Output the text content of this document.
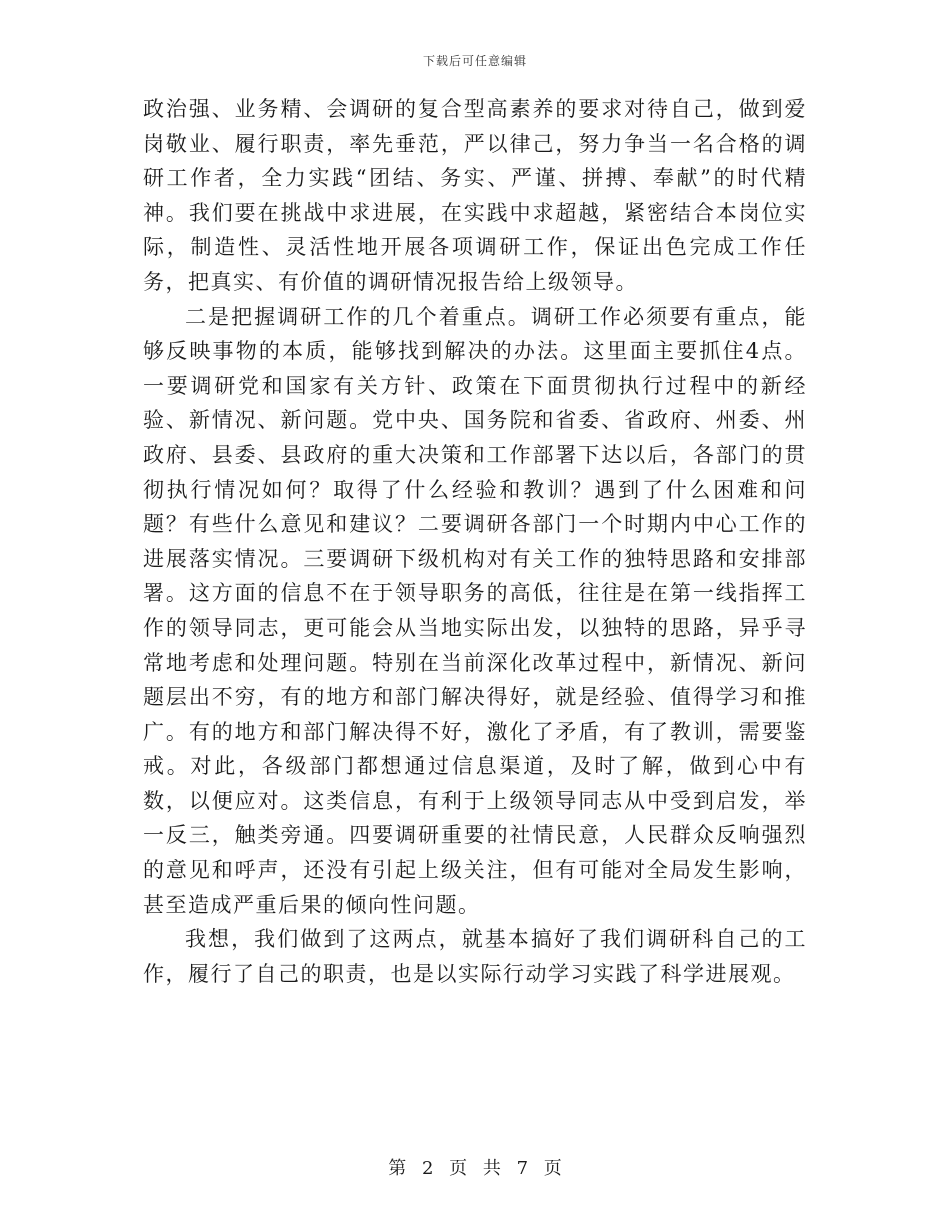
下载后可任意编辑

政治强、业务精、会调研的复合型高素养的要求对待自己，做到爱岗敬业、履行职责，率先垂范，严以律己，努力争当一名合格的调研工作者，全力实践“团结、务实、严谨、拼搏、奉献”的时代精神。我们要在挑战中求进展，在实践中求超越，紧密结合本岗位实际，制造性、灵活性地开展各项调研工作，保证出色完成工作任务，把真实、有价值的调研情况报告给上级领导。

二是把握调研工作的几个着重点。调研工作必须要有重点，能够反映事物的本质，能够找到解决的办法。这里面主要抓住4点。一要调研党和国家有关方针、政策在下面贯彻执行过程中的新经验、新情况、新问题。党中央、国务院和省委、省政府、州委、州政府、县委、县政府的重大决策和工作部署下达以后，各部门的贯彻执行情况如何？取得了什么经验和教训？遇到了什么困难和问题？有些什么意见和建议？二要调研各部门一个时期内中心工作的进展落实情况。三要调研下级机构对有关工作的独特思路和安排部署。这方面的信息不在于领导职务的高低，往往是在第一线指挥工作的领导同志，更可能会从当地实际出发，以独特的思路，异乎寻常地考虑和处理问题。特别在当前深化改革过程中，新情况、新问题层出不穷，有的地方和部门解决得好，就是经验、值得学习和推广。有的地方和部门解决得不好，激化了矛盾，有了教训，需要鉴戒。对此，各级部门都想通过信息渠道，及时了解，做到心中有数，以便应对。这类信息，有利于上级领导同志从中受到启发，举一反三，触类旁通。四要调研重要的社情民意，人民群众反响强烈的意见和呼声，还没有引起上级关注，但有可能对全局发生影响，甚至造成严重后果的倾向性问题。

我想，我们做到了这两点，就基本搞好了我们调研科自己的工作，履行了自己的职责，也是以实际行动学习实践了科学进展观。

第 2 页 共 7 页
